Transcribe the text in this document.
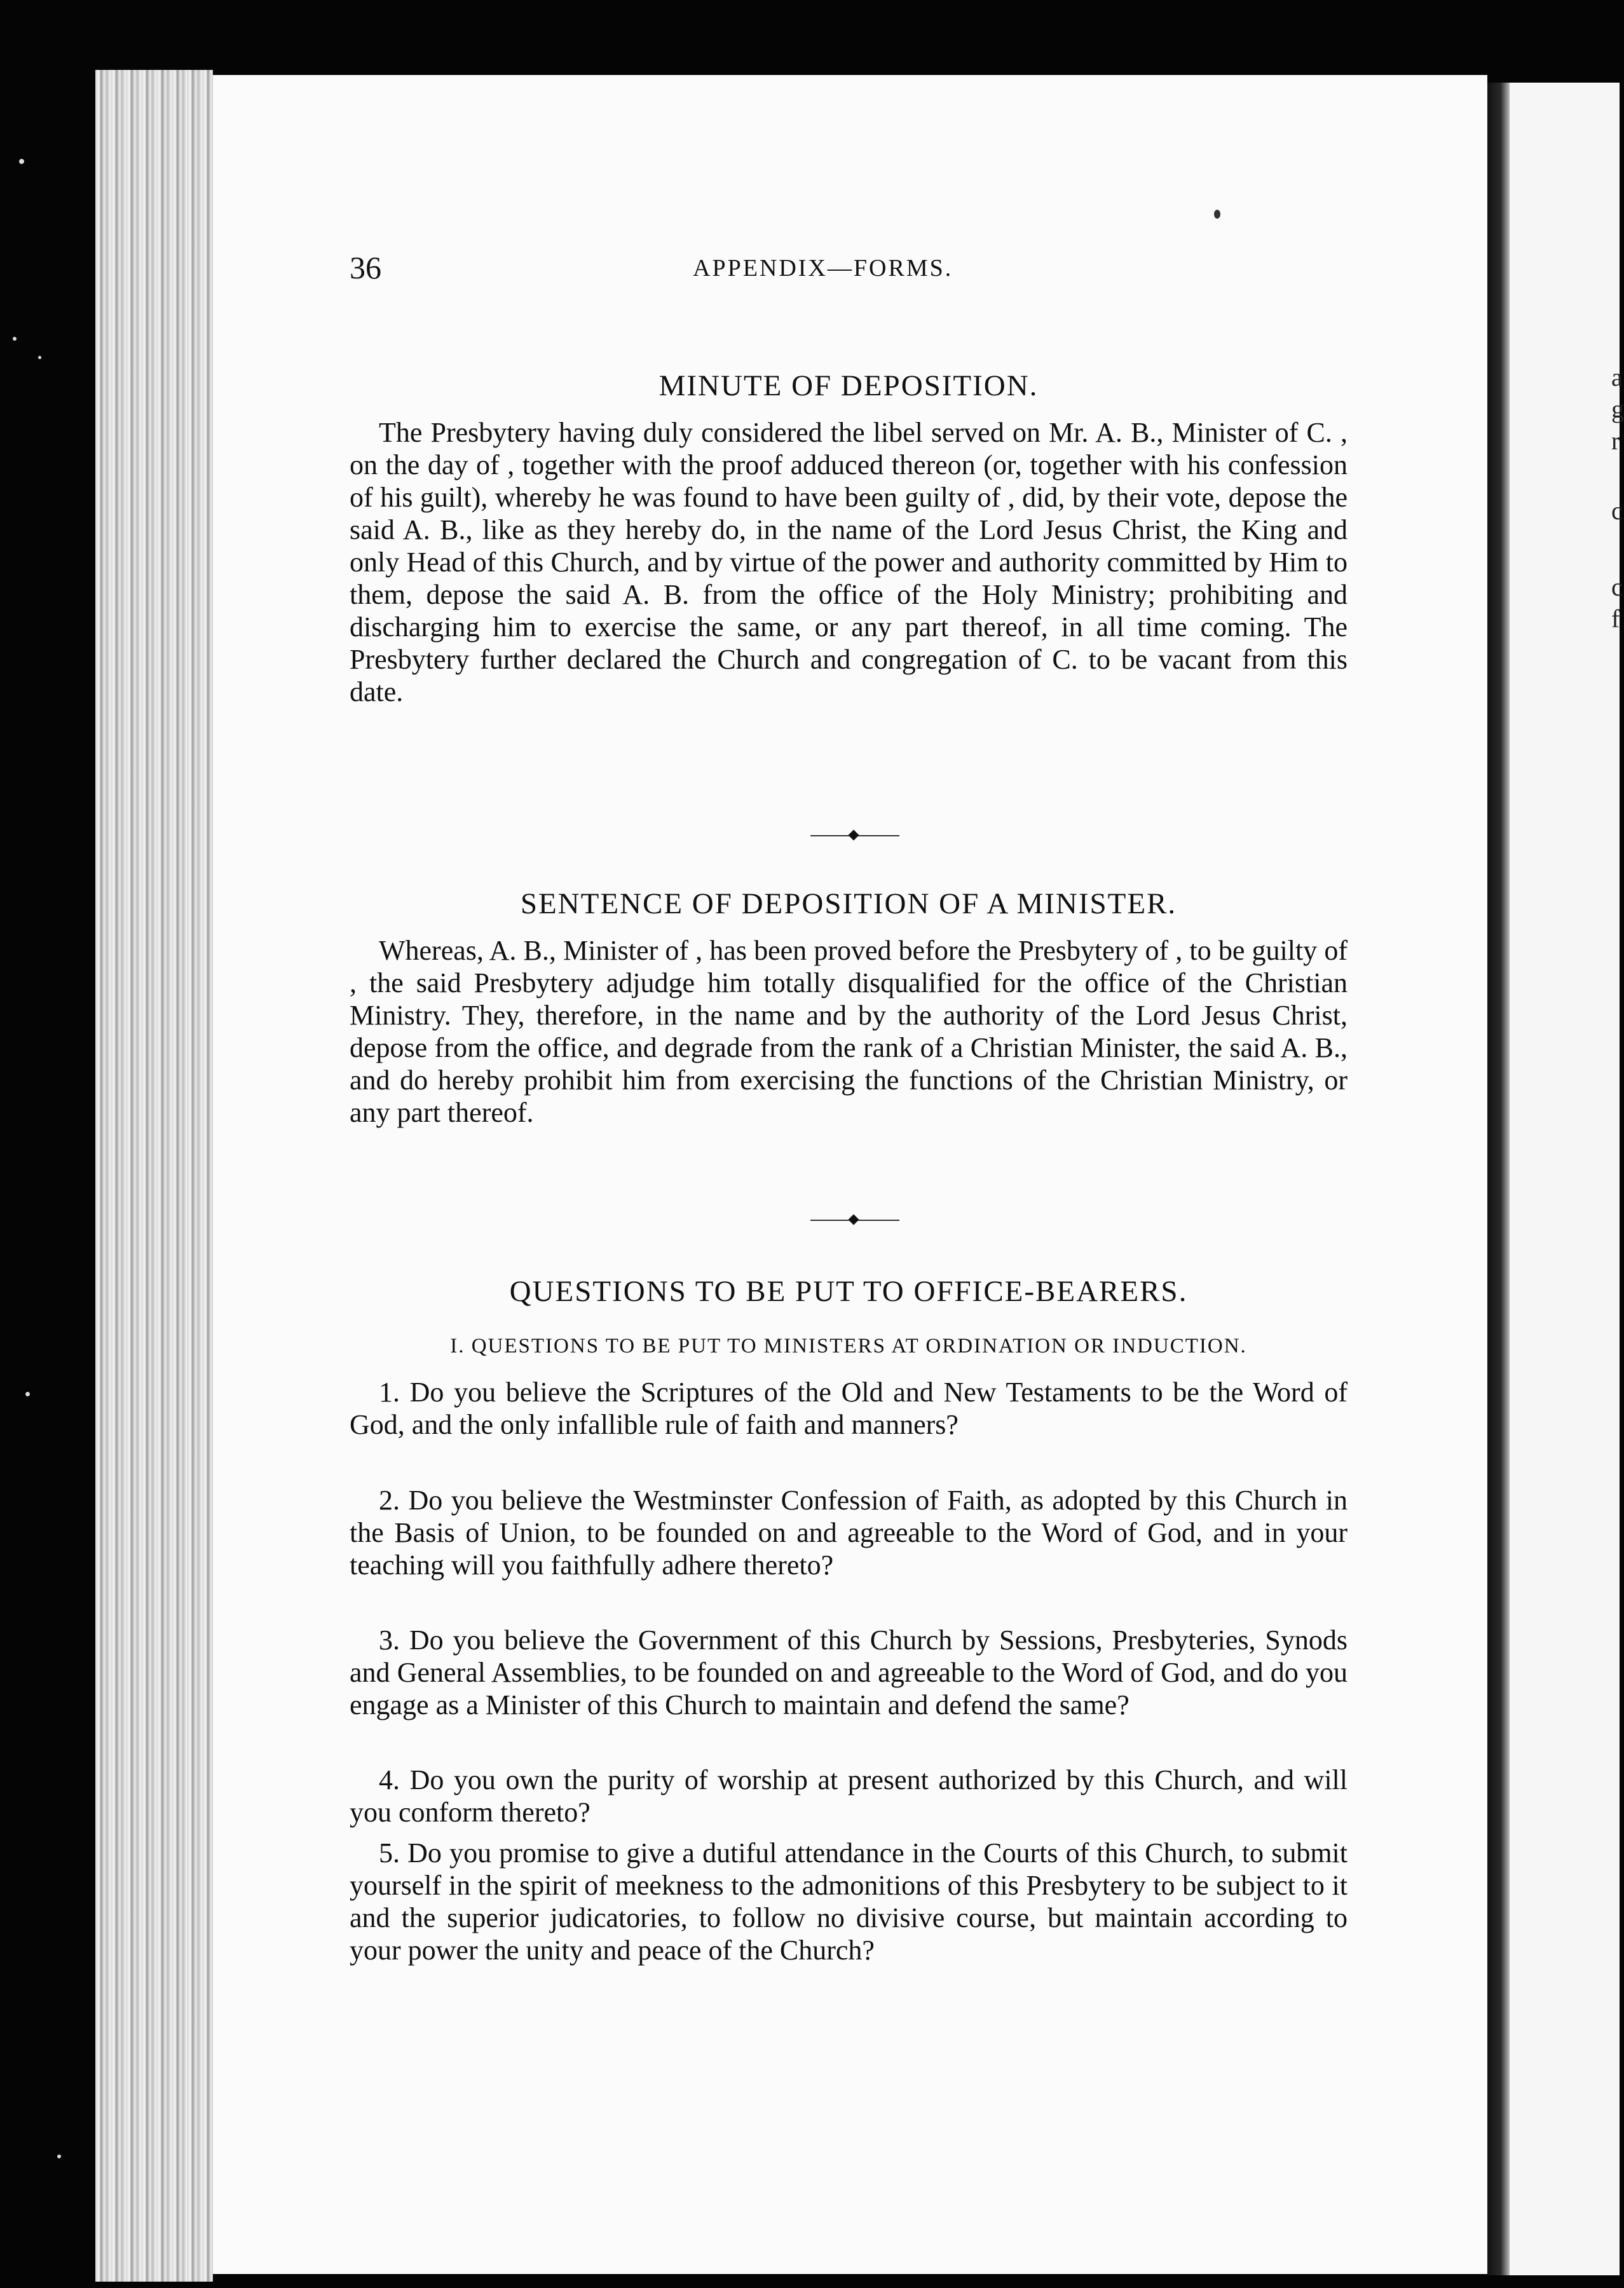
a
g
r
c
c
f
36	APPENDIX—FORMS.
MINUTE OF DEPOSITION.

The Presbytery having duly considered the libel served on Mr. A. B., Minister of C. , on the day of , together with the proof adduced thereon (or, together with his confession of his guilt), whereby he was found to have been guilty of , did, by their vote, depose the said A. B., like as they hereby do, in the name of the Lord Jesus Christ, the King and only Head of this Church, and by virtue of the power and authority committed by Him to them, depose the said A. B. from the office of the Holy Ministry; prohibiting and discharging him to exercise the same, or any part thereof, in all time coming. The Presbytery further declared the Church and congregation of C. to be vacant from this date.

SENTENCE OF DEPOSITION OF A MINISTER.

Whereas, A. B., Minister of , has been proved before the Presbytery of , to be guilty of , the said Presbytery adjudge him totally disqualified for the office of the Christian Ministry. They, therefore, in the name and by the authority of the Lord Jesus Christ, depose from the office, and degrade from the rank of a Christian Minister, the said A. B., and do hereby prohibit him from exercising the functions of the Christian Ministry, or any part thereof.

QUESTIONS TO BE PUT TO OFFICE-BEARERS.
I. QUESTIONS TO BE PUT TO MINISTERS AT ORDINATION OR INDUCTION.

1. Do you believe the Scriptures of the Old and New Testaments to be the Word of God, and the only infallible rule of faith and manners?

2. Do you believe the Westminster Confession of Faith, as adopted by this Church in the Basis of Union, to be founded on and agreeable to the Word of God, and in your teaching will you faithfully adhere thereto?

3. Do you believe the Government of this Church by Sessions, Presbyteries, Synods and General Assemblies, to be founded on and agreeable to the Word of God, and do you engage as a Minister of this Church to maintain and defend the same?

4. Do you own the purity of worship at present authorized by this Church, and will you conform thereto?

5. Do you promise to give a dutiful attendance in the Courts of this Church, to submit yourself in the spirit of meekness to the admonitions of this Presbytery to be subject to it and the superior judicatories, to follow no divisive course, but maintain according to your power the unity and peace of the Church?
